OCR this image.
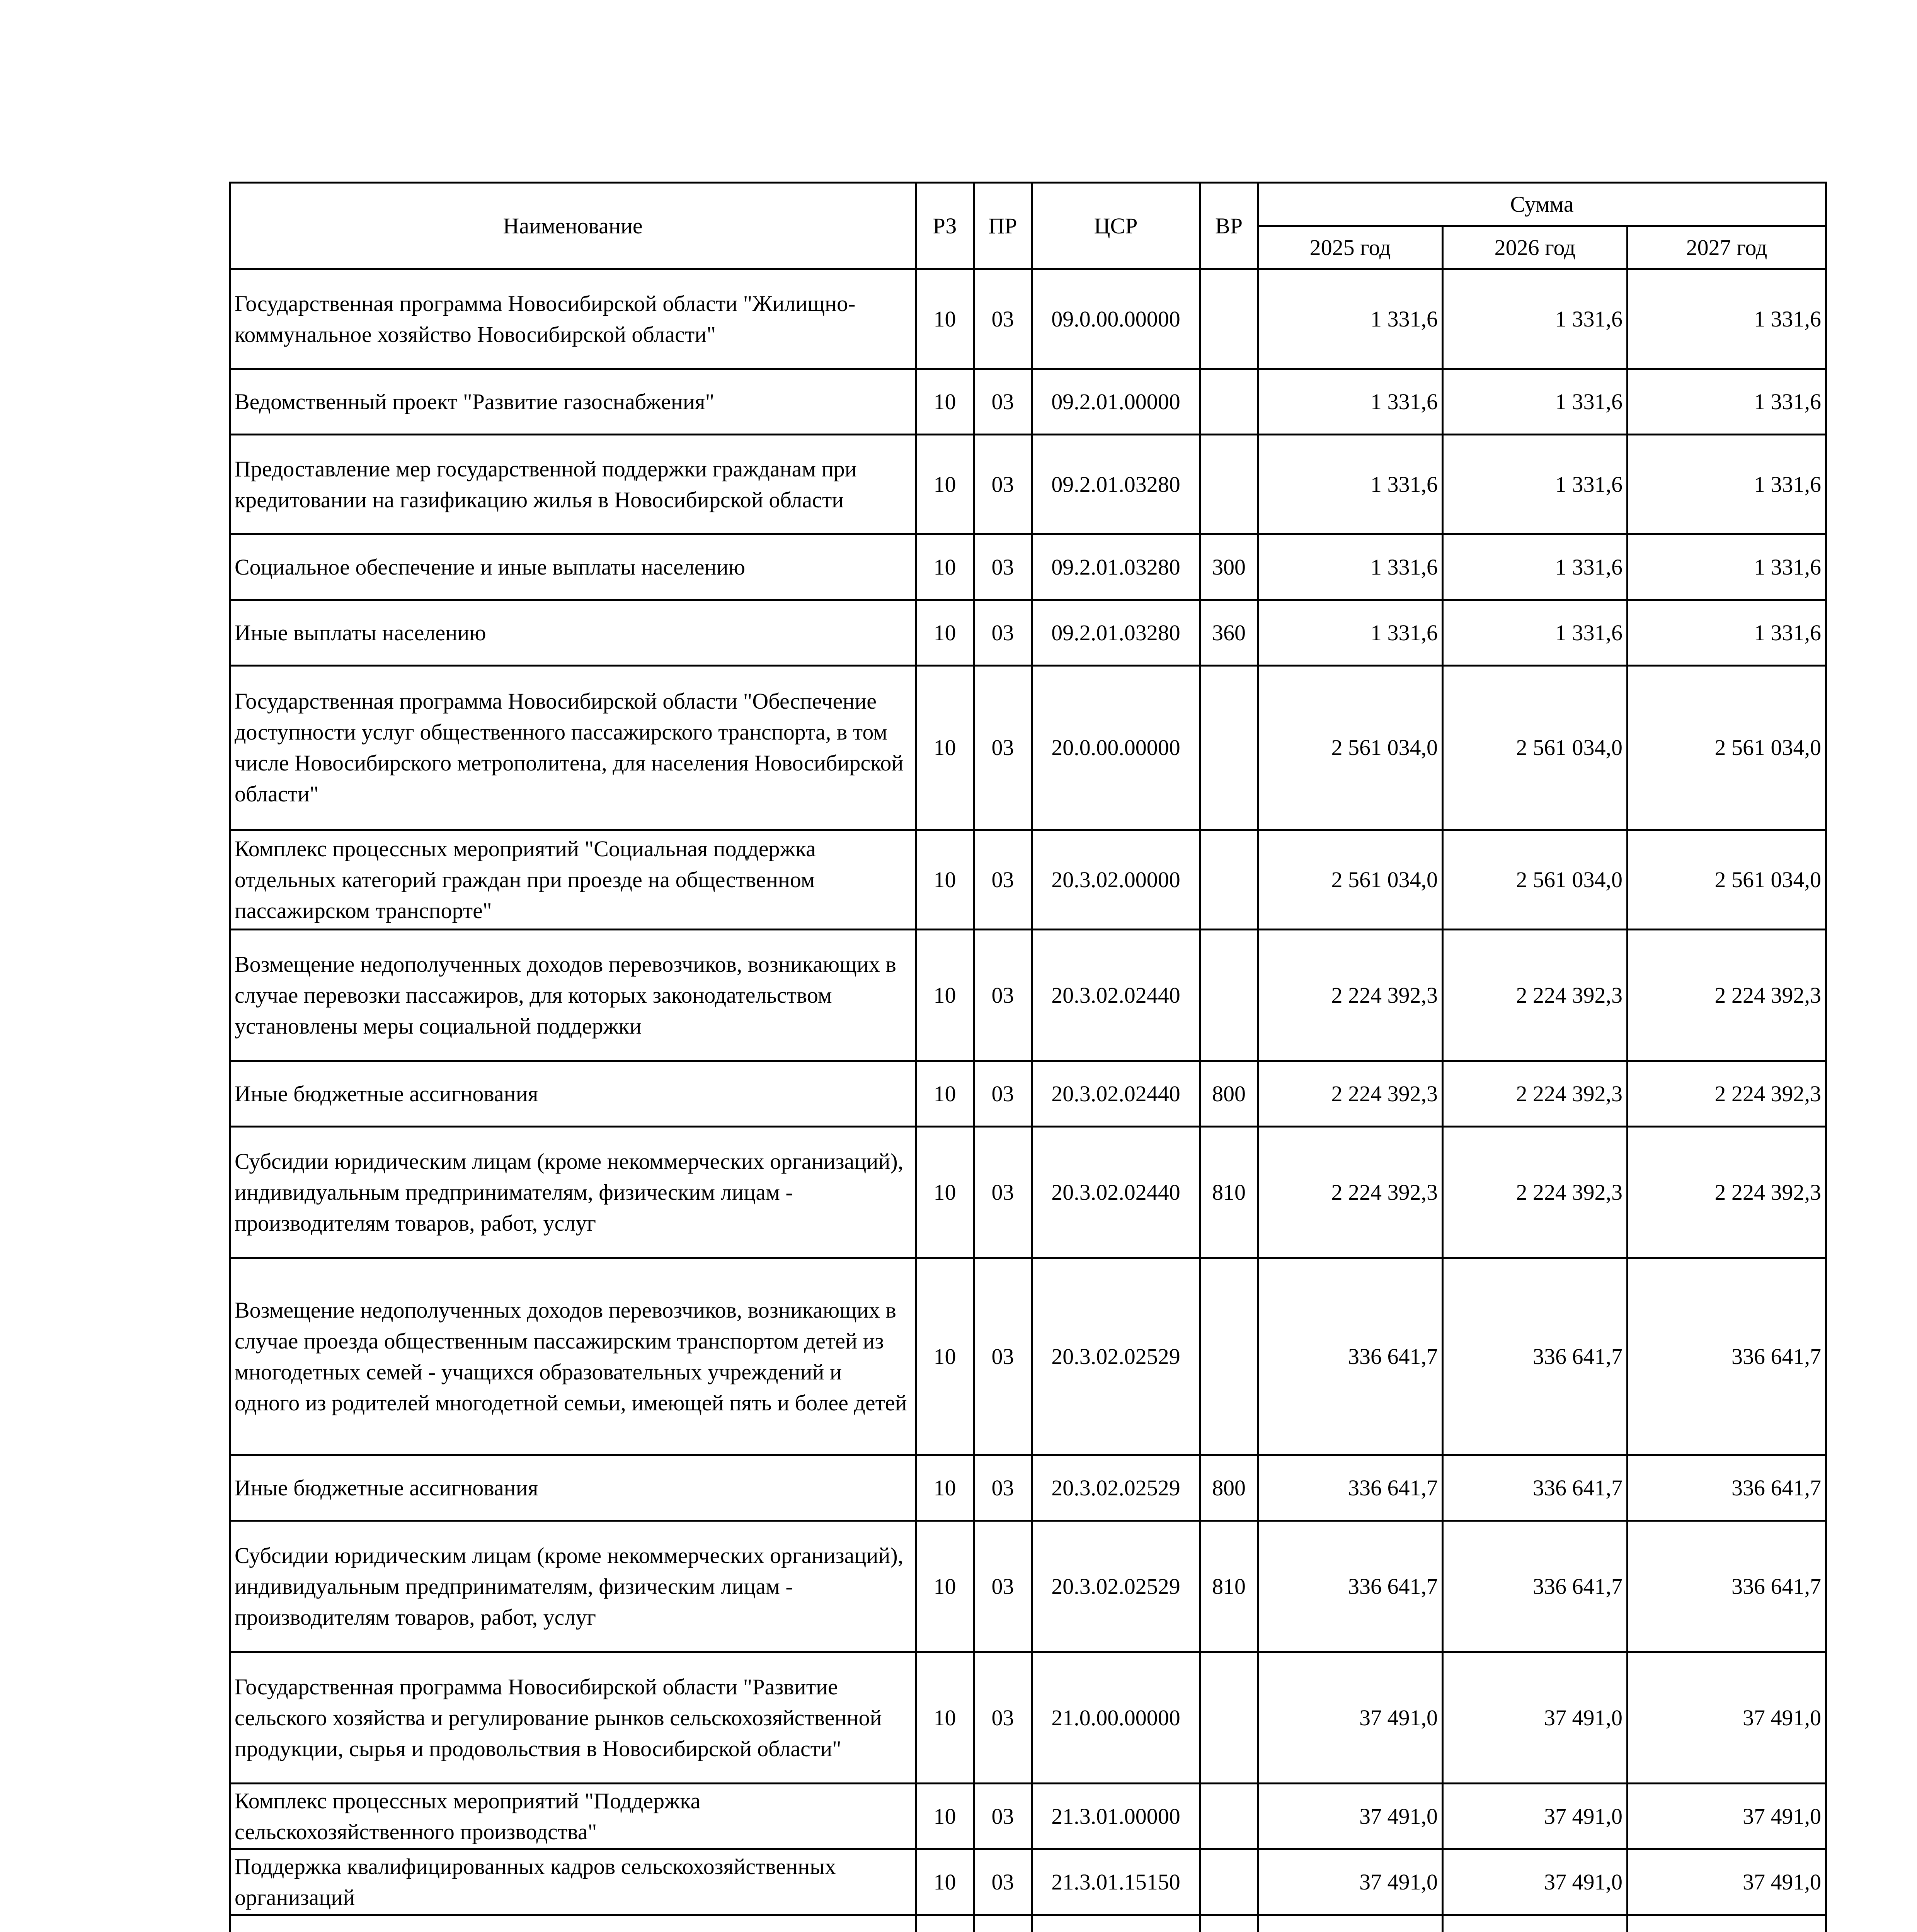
Наименование	РЗ	ПР	ЦСР	ВР	Сумма		
					2025 год	2026 год	2027 год
Государственная программа Новосибирской области "Жилищно-коммунальное хозяйство Новосибирской области"	10	03	09.0.00.00000		1 331,6	1 331,6	1 331,6
Ведомственный проект "Развитие газоснабжения"	10	03	09.2.01.00000		1 331,6	1 331,6	1 331,6
Предоставление мер государственной поддержки гражданам при кредитовании на газификацию жилья в Новосибирской области	10	03	09.2.01.03280		1 331,6	1 331,6	1 331,6
Социальное обеспечение и иные выплаты населению	10	03	09.2.01.03280	300	1 331,6	1 331,6	1 331,6
Иные выплаты населению	10	03	09.2.01.03280	360	1 331,6	1 331,6	1 331,6
Государственная программа Новосибирской области "Обеспечение доступности услуг общественного пассажирского транспорта, в том числе Новосибирского метрополитена, для населения Новосибирской области"	10	03	20.0.00.00000		2 561 034,0	2 561 034,0	2 561 034,0
Комплекс процессных мероприятий "Социальная поддержка отдельных категорий граждан при проезде на общественном пассажирском транспорте"	10	03	20.3.02.00000		2 561 034,0	2 561 034,0	2 561 034,0
Возмещение недополученных доходов перевозчиков, возникающих в случае перевозки пассажиров, для которых законодательством установлены меры социальной поддержки	10	03	20.3.02.02440		2 224 392,3	2 224 392,3	2 224 392,3
Иные бюджетные ассигнования	10	03	20.3.02.02440	800	2 224 392,3	2 224 392,3	2 224 392,3
Субсидии юридическим лицам (кроме некоммерческих организаций), индивидуальным предпринимателям, физическим лицам - производителям товаров, работ, услуг	10	03	20.3.02.02440	810	2 224 392,3	2 224 392,3	2 224 392,3
Возмещение недополученных доходов перевозчиков, возникающих в случае проезда общественным пассажирским транспортом детей из многодетных семей - учащихся образовательных учреждений и одного из родителей многодетной семьи, имеющей пять и более детей	10	03	20.3.02.02529		336 641,7	336 641,7	336 641,7
Иные бюджетные ассигнования	10	03	20.3.02.02529	800	336 641,7	336 641,7	336 641,7
Субсидии юридическим лицам (кроме некоммерческих организаций), индивидуальным предпринимателям, физическим лицам - производителям товаров, работ, услуг	10	03	20.3.02.02529	810	336 641,7	336 641,7	336 641,7
Государственная программа Новосибирской области "Развитие сельского хозяйства и регулирование рынков сельскохозяйственной продукции, сырья и продовольствия в Новосибирской области"	10	03	21.0.00.00000		37 491,0	37 491,0	37 491,0
Комплекс процессных мероприятий "Поддержка сельскохозяйственного производства"	10	03	21.3.01.00000		37 491,0	37 491,0	37 491,0
Поддержка квалифицированных кадров сельскохозяйственных организаций	10	03	21.3.01.15150		37 491,0	37 491,0	37 491,0
